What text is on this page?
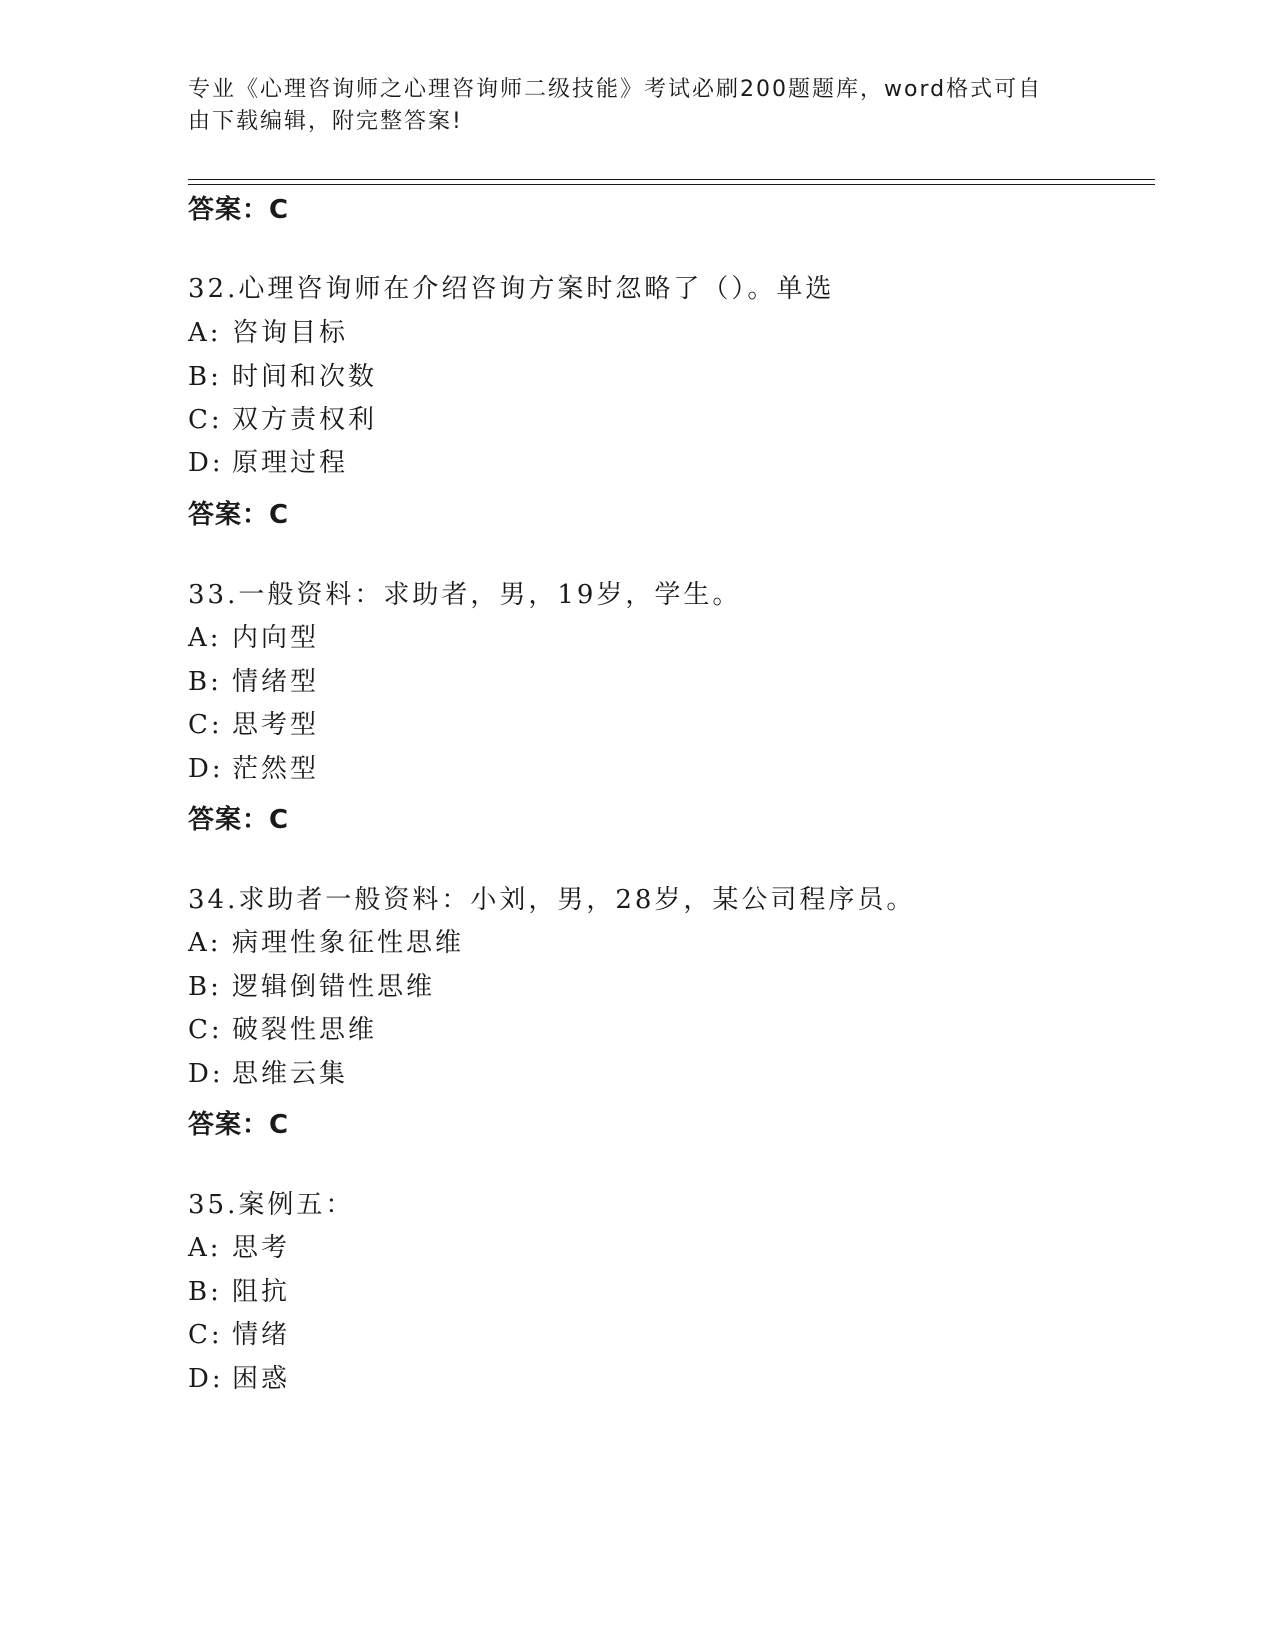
专业《心理咨询师之心理咨询师二级技能》考试必刷200题题库，word格式可自
由下载编辑，附完整答案!
答案：C
32.心理咨询师在介绍咨询方案时忽略了（）。单选
A: 咨询目标
B: 时间和次数
C: 双方责权利
D: 原理过程
答案：C
33.一般资料：求助者，男，19岁，学生。
A: 内向型
B: 情绪型
C: 思考型
D: 茫然型
答案：C
34.求助者一般资料：小刘，男，28岁，某公司程序员。
A: 病理性象征性思维
B: 逻辑倒错性思维
C: 破裂性思维
D: 思维云集
答案：C
35.案例五：
A: 思考
B: 阻抗
C: 情绪
D: 困惑
